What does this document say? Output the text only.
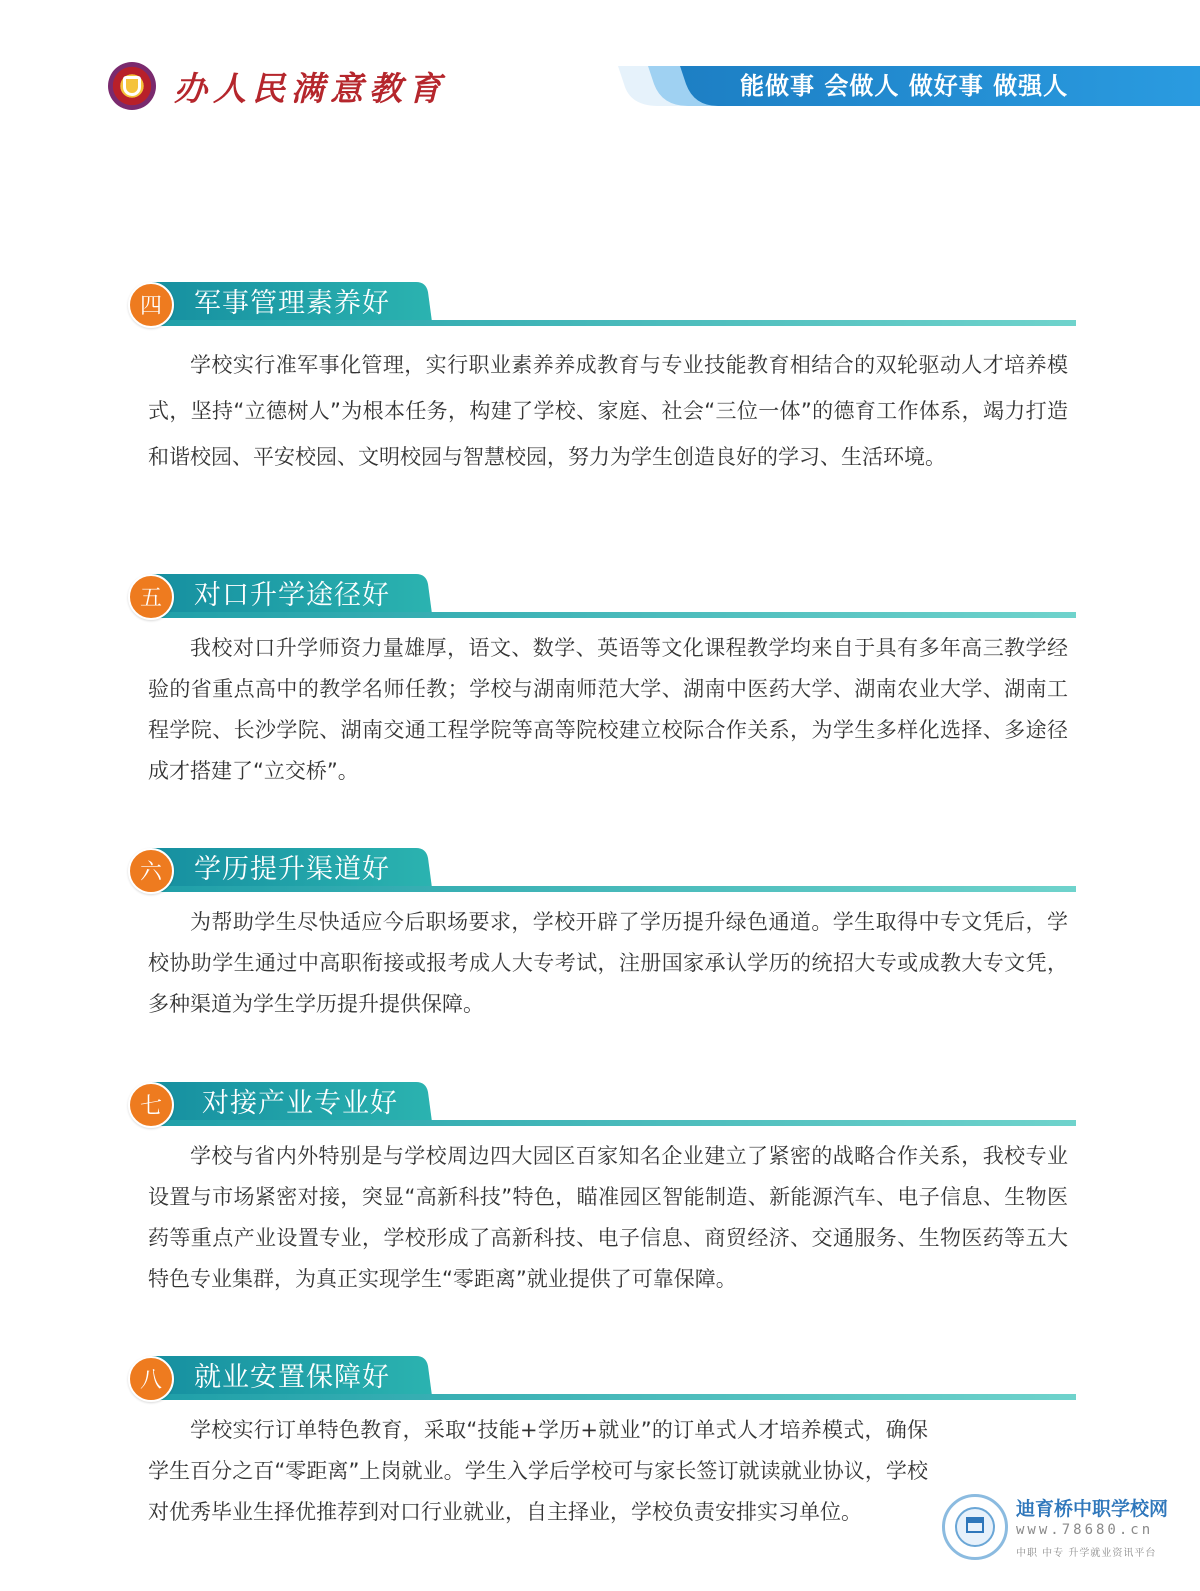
办人民满意教育	能做事 会做人 做好事 做强人
四	军事管理素养好

学校实行准军事化管理，实行职业素养养成教育与专业技能教育相结合的双轮驱动人才培养模式，坚持“立德树人”为根本任务，构建了学校、家庭、社会“三位一体”的德育工作体系，竭力打造和谐校园、平安校园、文明校园与智慧校园，努力为学生创造良好的学习、生活环境。

五	对口升学途径好

我校对口升学师资力量雄厚，语文、数学、英语等文化课程教学均来自于具有多年高三教学经验的省重点高中的教学名师任教；学校与湖南师范大学、湖南中医药大学、湖南农业大学、湖南工程学院、长沙学院、湖南交通工程学院等高等院校建立校际合作关系，为学生多样化选择、多途径成才搭建了“立交桥”。

六	学历提升渠道好

为帮助学生尽快适应今后职场要求，学校开辟了学历提升绿色通道。学生取得中专文凭后，学校协助学生通过中高职衔接或报考成人大专考试，注册国家承认学历的统招大专或成教大专文凭，多种渠道为学生学历提升提供保障。

七	对接产业专业好

学校与省内外特别是与学校周边四大园区百家知名企业建立了紧密的战略合作关系，我校专业设置与市场紧密对接，突显“高新科技”特色，瞄准园区智能制造、新能源汽车、电子信息、生物医药等重点产业设置专业，学校形成了高新科技、电子信息、商贸经济、交通服务、生物医药等五大特色专业集群，为真正实现学生“零距离”就业提供了可靠保障。

八	就业安置保障好

学校实行订单特色教育，采取“技能+学历+就业”的订单式人才培养模式，确保学生百分之百“零距离”上岗就业。学生入学后学校可与家长签订就读就业协议，学校对优秀毕业生择优推荐到对口行业就业，自主择业，学校负责安排实习单位。	迪育桥中职学校网
www.78680.cn
中职 中专 升学就业资讯平台
